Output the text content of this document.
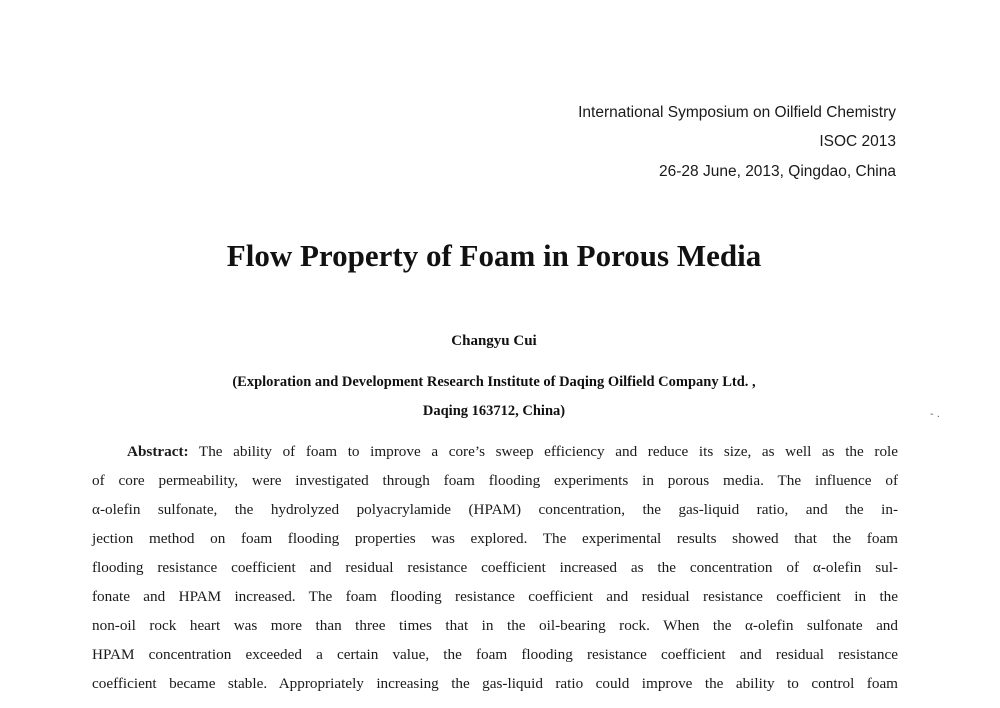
International Symposium on Oilfield Chemistry
ISOC 2013
26-28 June, 2013, Qingdao, China
Flow Property of Foam in Porous Media
Changyu Cui
(Exploration and Development Research Institute of Daqing Oilfield Company Ltd. ,
Daqing 163712, China)	- .
Abstract: The ability of foam to improve a core’s sweep efficiency and reduce its size, as well as the role
of core permeability, were investigated through foam flooding experiments in porous media. The influence of
α-olefin sulfonate, the hydrolyzed polyacrylamide (HPAM) concentration, the gas-liquid ratio, and the in-
jection method on foam flooding properties was explored. The experimental results showed that the foam
flooding resistance coefficient and residual resistance coefficient increased as the concentration of α-olefin sul-
fonate and HPAM increased. The foam flooding resistance coefficient and residual resistance coefficient in the
non-oil rock heart was more than three times that in the oil-bearing rock. When the α-olefin sulfonate and
HPAM concentration exceeded a certain value, the foam flooding resistance coefficient and residual resistance
coefficient became stable. Appropriately increasing the gas-liquid ratio could improve the ability to control foam
